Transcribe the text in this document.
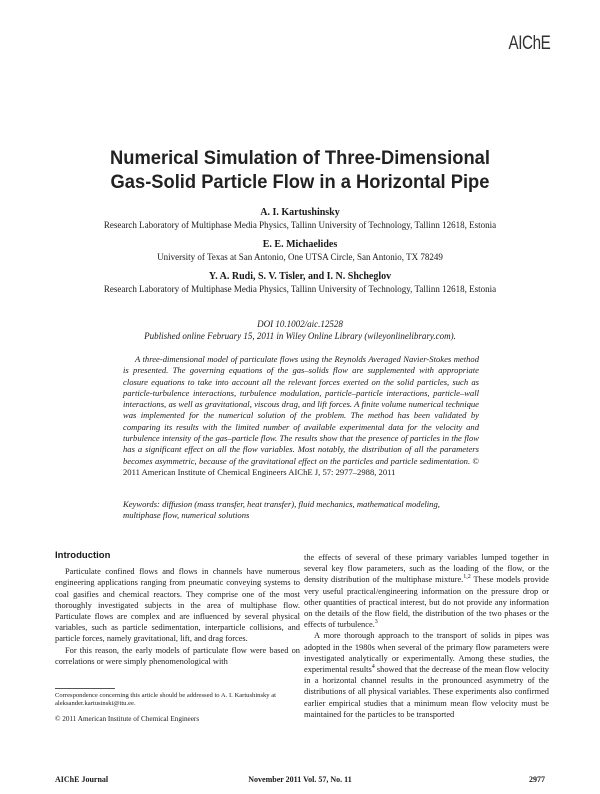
AIChE
Numerical Simulation of Three-Dimensional
Gas-Solid Particle Flow in a Horizontal Pipe
A. I. Kartushinsky
Research Laboratory of Multiphase Media Physics, Tallinn University of Technology, Tallinn 12618, Estonia
E. E. Michaelides
University of Texas at San Antonio, One UTSA Circle, San Antonio, TX 78249
Y. A. Rudi, S. V. Tisler, and I. N. Shcheglov
Research Laboratory of Multiphase Media Physics, Tallinn University of Technology, Tallinn 12618, Estonia
DOI 10.1002/aic.12528
Published online February 15, 2011 in Wiley Online Library (wileyonlinelibrary.com).
A three-dimensional model of particulate flows using the Reynolds Averaged Navier-Stokes method is presented. The governing equations of the gas–solids flow are supplemented with appropriate closure equations to take into account all the relevant forces exerted on the solid particles, such as particle-turbulence interactions, turbulence modulation, particle–particle interactions, particle–wall interactions, as well as gravitational, viscous drag, and lift forces. A finite volume numerical technique was implemented for the numerical solution of the problem. The method has been validated by comparing its results with the limited number of available experimental data for the velocity and turbulence intensity of the gas–particle flow. The results show that the presence of particles in the flow has a significant effect on all the flow variables. Most notably, the distribution of all the parameters becomes asymmetric, because of the gravitational effect on the particles and particle sedimentation. © 2011 American Institute of Chemical Engineers AIChE J, 57: 2977–2988, 2011
Keywords: diffusion (mass transfer, heat transfer), fluid mechanics, mathematical modeling, multiphase flow, numerical solutions
Introduction

Particulate confined flows and flows in channels have numerous engineering applications ranging from pneumatic conveying systems to coal gasifies and chemical reactors. They comprise one of the most thoroughly investigated subjects in the area of multiphase flow. Particulate flows are complex and are influenced by several physical variables, such as particle sedimentation, interparticle collisions, and particle forces, namely gravitational, lift, and drag forces.

For this reason, the early models of particulate flow were based on correlations or were simply phenomenological with

the effects of several of these primary variables lumped together in several key flow parameters, such as the loading of the flow, or the density distribution of the multiphase mixture.$^{1,2}$ These models provide very useful practical/engineering information on the pressure drop or other quantities of practical interest, but do not provide any information on the details of the flow field, the distribution of the two phases or the effects of turbulence.$^3$

A more thorough approach to the transport of solids in pipes was adopted in the 1980s when several of the primary flow parameters were investigated analytically or experimentally. Among these studies, the experimental results$^4$ showed that the decrease of the mean flow velocity in a horizontal channel results in the pronounced asymmetry of the distributions of all physical variables. These experiments also confirmed earlier empirical studies that a minimum mean flow velocity must be maintained for the particles to be transported

Correspondence concerning this article should be addressed to A. I. Kartushinsky at aleksander.kartusinski@ttu.ee.
© 2011 American Institute of Chemical Engineers
AIChE Journal	November 2011 Vol. 57, No. 11	2977
